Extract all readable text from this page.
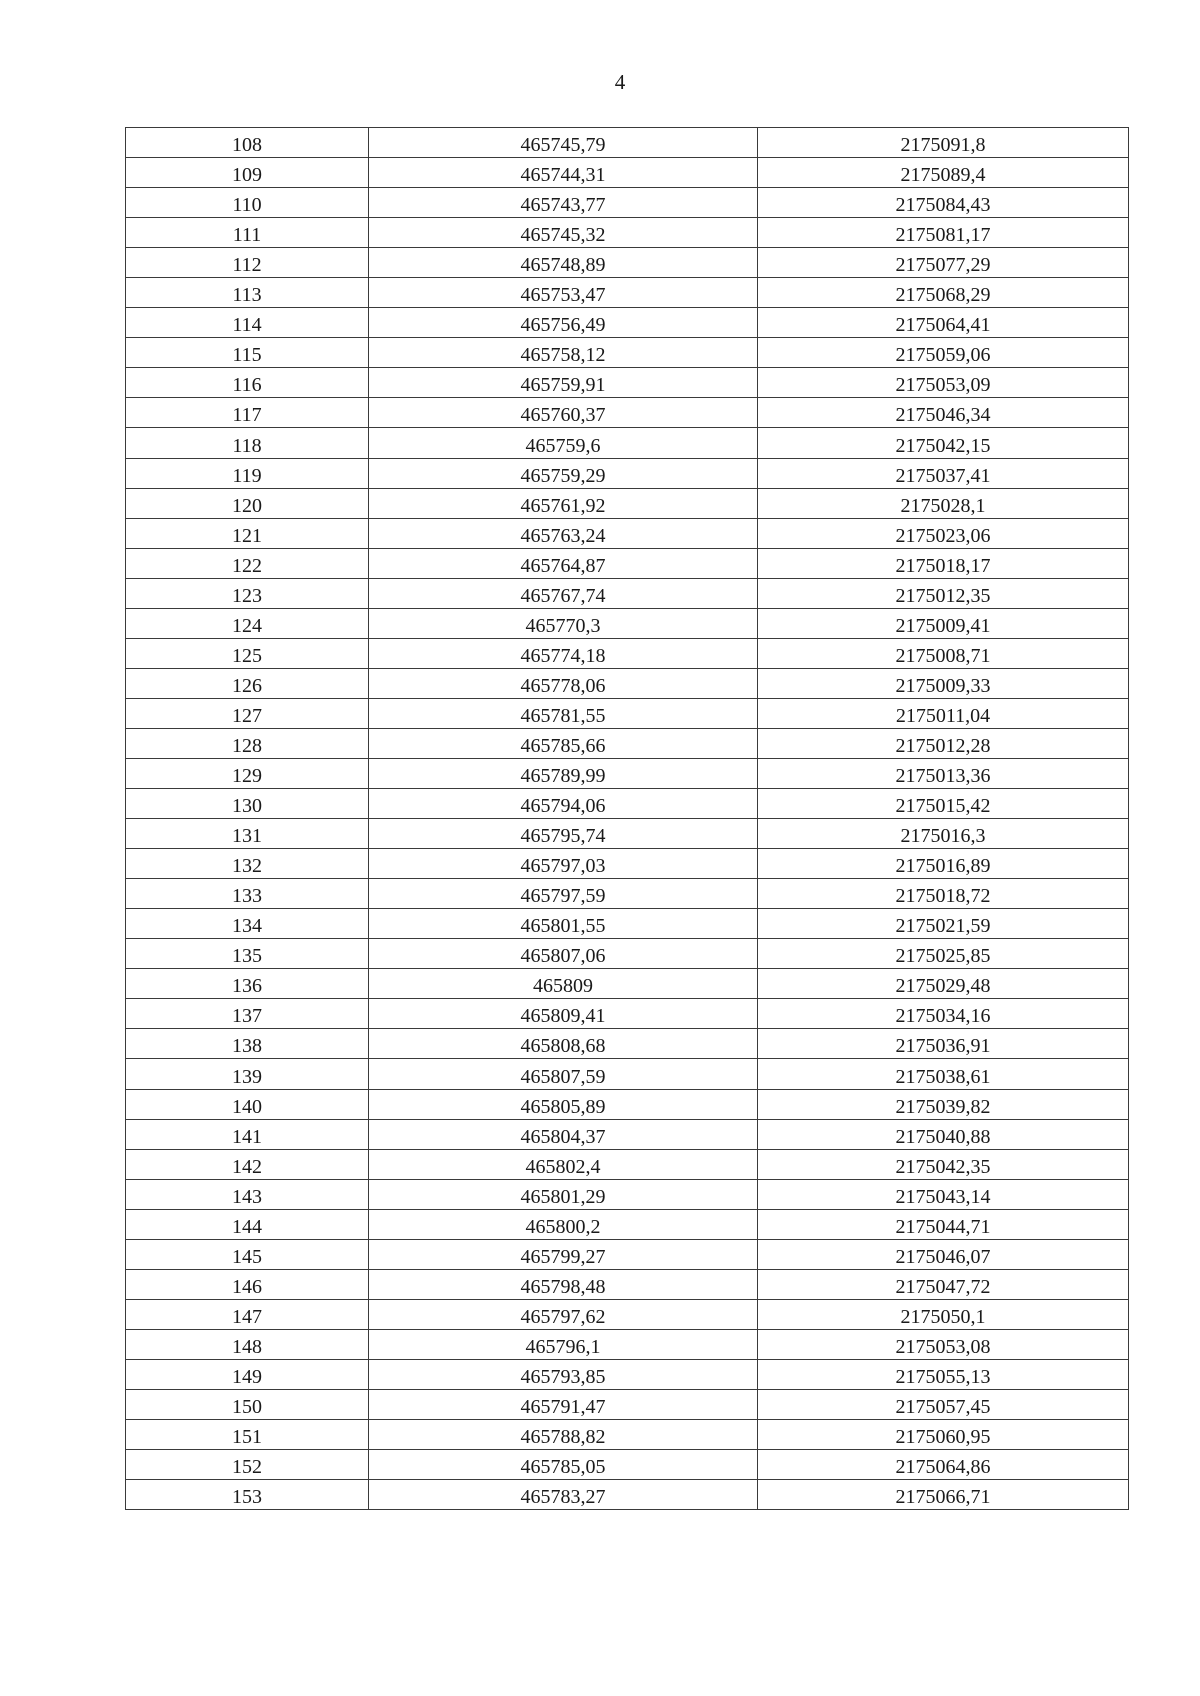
4
108	465745,79	2175091,8
109	465744,31	2175089,4
110	465743,77	2175084,43
111	465745,32	2175081,17
112	465748,89	2175077,29
113	465753,47	2175068,29
114	465756,49	2175064,41
115	465758,12	2175059,06
116	465759,91	2175053,09
117	465760,37	2175046,34
118	465759,6	2175042,15
119	465759,29	2175037,41
120	465761,92	2175028,1
121	465763,24	2175023,06
122	465764,87	2175018,17
123	465767,74	2175012,35
124	465770,3	2175009,41
125	465774,18	2175008,71
126	465778,06	2175009,33
127	465781,55	2175011,04
128	465785,66	2175012,28
129	465789,99	2175013,36
130	465794,06	2175015,42
131	465795,74	2175016,3
132	465797,03	2175016,89
133	465797,59	2175018,72
134	465801,55	2175021,59
135	465807,06	2175025,85
136	465809	2175029,48
137	465809,41	2175034,16
138	465808,68	2175036,91
139	465807,59	2175038,61
140	465805,89	2175039,82
141	465804,37	2175040,88
142	465802,4	2175042,35
143	465801,29	2175043,14
144	465800,2	2175044,71
145	465799,27	2175046,07
146	465798,48	2175047,72
147	465797,62	2175050,1
148	465796,1	2175053,08
149	465793,85	2175055,13
150	465791,47	2175057,45
151	465788,82	2175060,95
152	465785,05	2175064,86
153	465783,27	2175066,71
